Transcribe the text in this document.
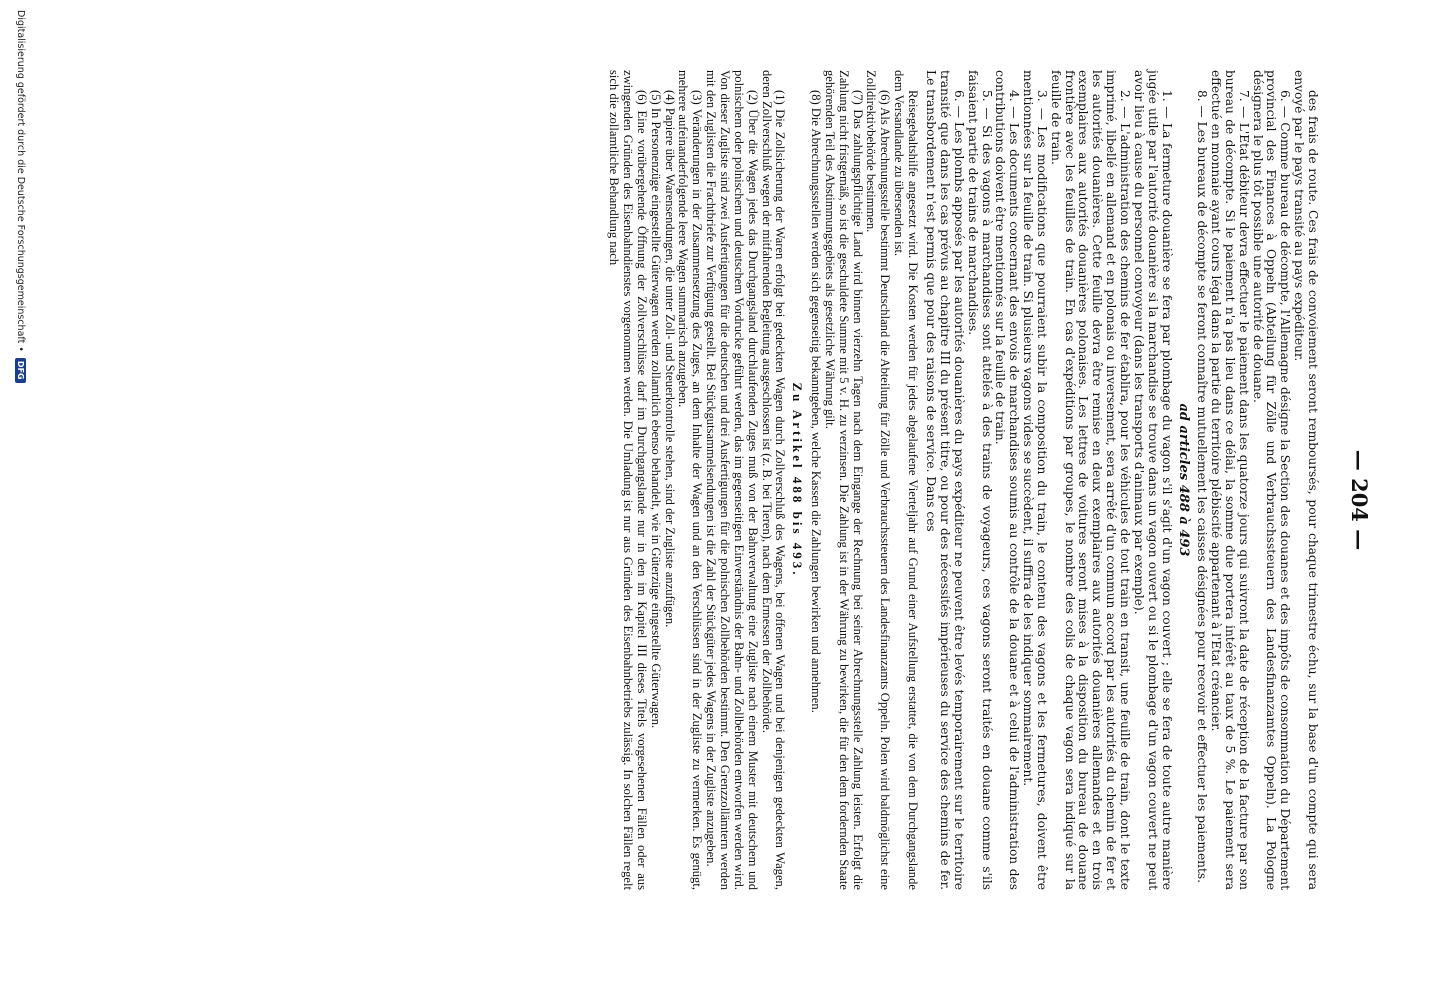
— 204 —

des frais de route. Ces frais de convoiement seront remboursés, pour chaque trimestre échu, sur la base d'un compte qui sera envoyé par le pays transité au pays expéditeur.

6. — Comme bureau de décompte, l'Allemagne désigne la Section des douanes et des impôts de consommation du Département provincial des Finances à Oppeln (Abteilung für Zölle und Verbrauchssteuern des Landesfinanzamtes Oppeln). La Pologne désignera le plus tôt possible une autorité de douane.

7. — L'Etat débiteur devra effectuer le paiement dans les quatorze jours qui suivront la date de réception de la facture par son bureau de décompte. Si le paiement n'a pas lieu dans ce délai, la somme due portera intérêt au taux de 5 %. Le paiement sera effectué en monnaie ayant cours légal dans la partie du territoire plébiscité appartenant à l'Etat créancier.

8. — Les bureaux de décompte se feront connaître mutuellement les caisses désignées pour recevoir et effectuer les paiements.

ad articles 488 à 493

1. — La fermeture douanière se fera par plombage du vagon s'il s'agit d'un vagon couvert ; elle se fera de toute autre manière jugée utile par l'autorité douanière si la marchandise se trouve dans un vagon ouvert ou si le plombage d'un vagon couvert ne peut avoir lieu à cause du personnel convoyeur (dans les transports d'animaux par exemple).

2. — L'administration des chemins de fer établira, pour les véhicules de tout train en transit, une feuille de train, dont le texte imprimé, libellé en allemand et en polonais ou inversement, sera arrêté d'un commun accord par les autorités du chemin de fer et les autorités douanières. Cette feuille devra être remise en deux exemplaires aux autorités douanières allemandes et en trois exemplaires aux autorités douanières polonaises. Les lettres de voitures seront mises à la disposition du bureau de douane frontière avec les feuilles de train. En cas d'expéditions par groupes, le nombre des colis de chaque vagon sera indiqué sur la feuille de train.

3. — Les modifications que pourraient subir la composition du train, le contenu des vagons et les fermetures, doivent être mentionnées sur la feuille de train. Si plusieurs vagons vides se succèdent, il suffira de les indiquer sommairement.

4. — Les documents concernant des envois de marchandises soumis au contrôle de la douane et à celui de l'administration des contributions doivent être mentionnés sur la feuille de train.

5. — Si des vagons à marchandises sont attelés à des trains de voyageurs, ces vagons seront traités en douane comme s'ils faisaient partie de trains de marchandises.

6. — Les plombs apposés par les autorités douanières du pays expéditeur ne peuvent être levés temporairement sur le territoire transité que dans les cas prévus au chapitre III du présent titre, ou pour des nécessités impérieuses du service des chemins de fer. Le transbordement n'est permis que pour des raisons de service. Dans ces

Reisegebaltshilfe angesetzt wird. Die Kosten werden für jedes abgelaufene Vierteljahr auf Grund einer Aufstellung erstattet, die von dem Durchgangslande dem Versandlande zu übersenden ist.

(6) Als Abrechnungsstelle bestimmt Deutschland die Abteilung für Zölle und Verbrauchssteuern des Landesfinanzamts Oppeln. Polen wird baldmöglichst eine Zolldirektivbehörde bestimmen.

(7) Das zahlungspflichtige Land wird binnen vierzehn Tagen nach dem Eingange der Rechnung bei seiner Abrechnungsstelle Zahlung leisten. Erfolgt die Zahlung nicht fristgemäß, so ist die geschuldete Summe mit 5 v. H. zu verzinsen. Die Zahlung ist in der Währung zu bewirken, die für den dem fordernden Staate gehörenden Teil des Abstimmungsgebiets als gesetzliche Währung gilt.

(8) Die Abrechnungsstellen werden sich gegenseitig bekanntgeben, welche Kassen die Zahlungen bewirken und annehmen.

Zu Artikel 488 bis 493.

(1) Die Zollsicherung der Waren erfolgt bei gedeckten Wagen durch Zollverschluß des Wagens, bei offenen Wagen und bei denjenigen gedeckten Wagen, deren Zollverschluß wegen der mitfahrenden Begleitung ausgeschlossen ist (z. B. bei Tieren), nach dem Ermessen der Zollbehörde.

(2) Über die Wagen jedes das Durchgangsland durchlaufenden Zuges muß von der Bahnverwaltung eine Zugliste nach einem Muster mit deutschem und polnischem oder polnischem und deutschem Vordrucke geführt werden, das im gegenseitigen Einverständnis der Bahn- und Zollbehörden entworfen werden wird. Von dieser Zugliste sind zwei Ausfertigungen für die deutschen und drei Ausfertigungen für die polnischen Zollbehörden bestimmt. Den Grenzzollämtern werden mit den Zuglisten die Frachtbriefe zur Verfügung gestellt. Bei Stückgutsammelsendungen ist die Zahl der Stückgüter jedes Wagens in der Zugliste anzugeben.

(3) Veränderungen in der Zusammensetzung des Zuges, an dem Inhalte der Wagen und an den Verschlüssen sind in der Zugliste zu vermerken. Es genügt, mehrere aufeinanderfolgende leere Wagen summarisch anzugeben.

(4) Papiere über Warensendungen, die unter Zoll- und Steuerkontrolle stehen, sind der Zugliste anzufügen.

(5) In Personenzüge eingestellte Güterwagen werden zollamtlich ebenso behandelt, wie in Güterzüge eingestellte Güterwagen.

(6) Eine vorübergehende Öffnung der Zollverschlüsse darf im Durchgangslande nur in den im Kapitel III dieses Titels vorgesehenen Fällen oder aus zwingenden Gründen des Eisenbahndienstes vorgenommen werden. Die Umladung ist nur aus Gründen des Eisenbahnbetriebs zulässig. In solchen Fällen regelt sich die zollamtliche Behandlung nach

Digitalisierung gefördert durch die Deutsche Forschungsgemeinschaft •
DFG
